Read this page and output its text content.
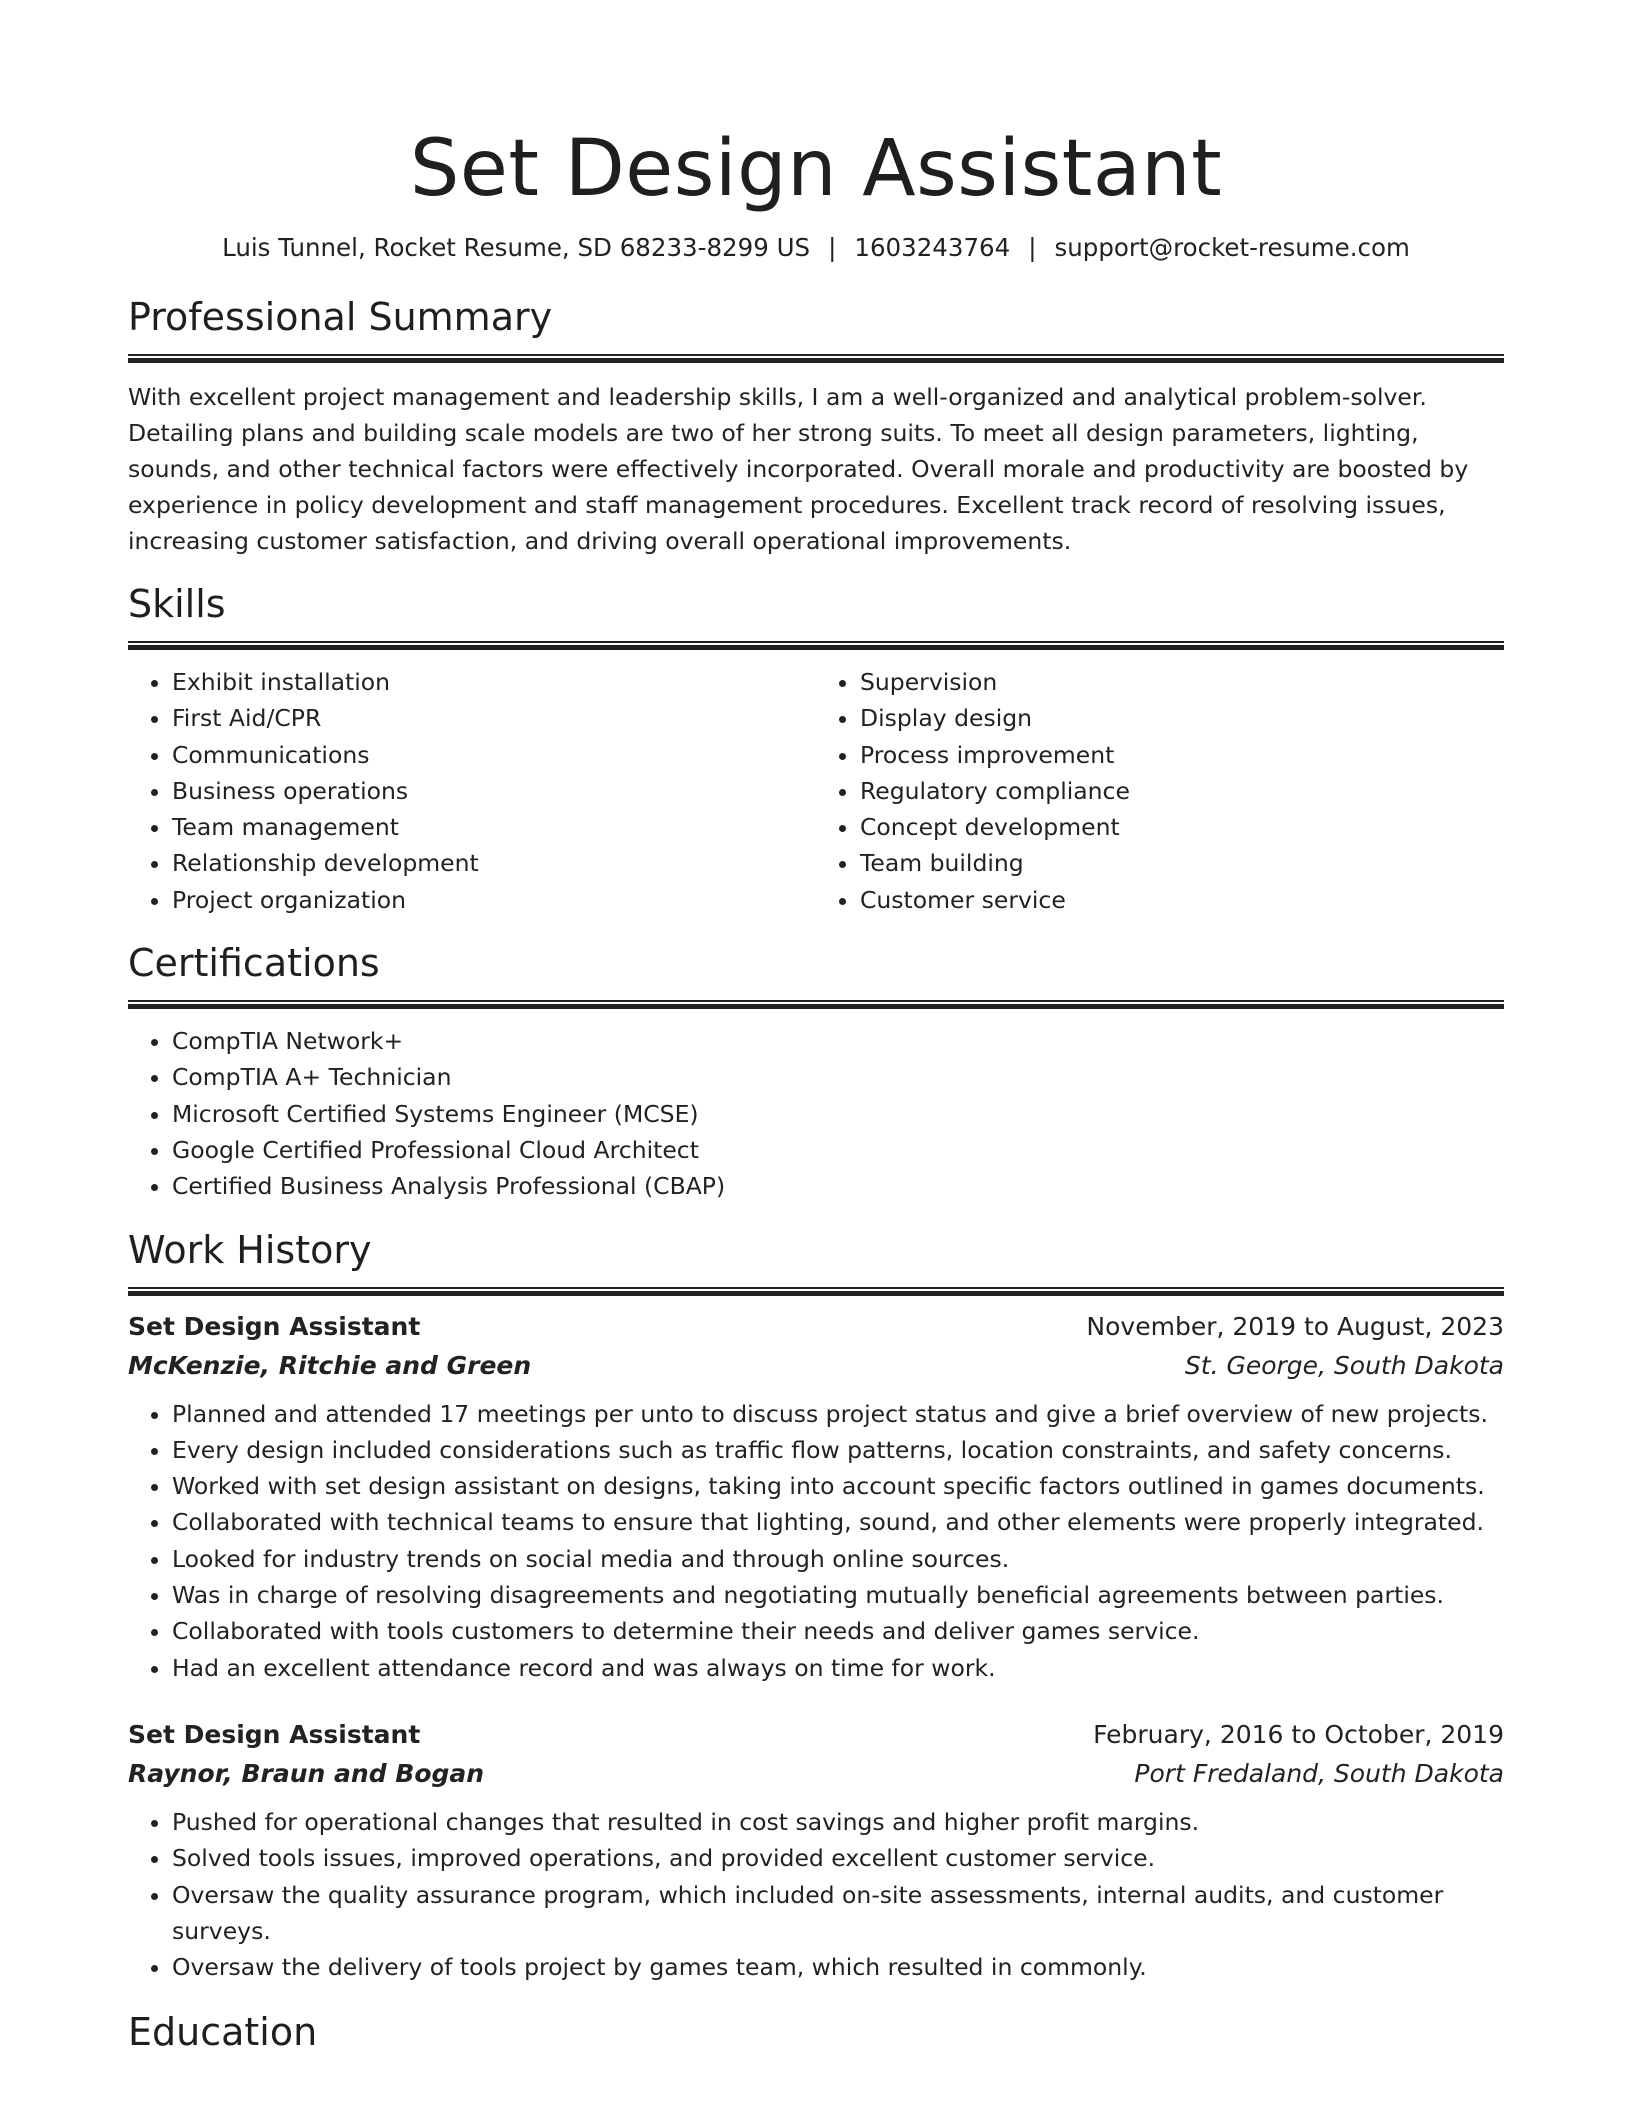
Set Design Assistant
Luis Tunnel, Rocket Resume, SD 68233-8299 US | 1603243764 | support@rocket-resume.com
Professional Summary

With excellent project management and leadership skills, I am a well-organized and analytical problem-solver. Detailing plans and building scale models are two of her strong suits. To meet all design parameters, lighting, sounds, and other technical factors were effectively incorporated. Overall morale and productivity are boosted by experience in policy development and staff management procedures. Excellent track record of resolving issues, increasing customer satisfaction, and driving overall operational improvements.

Skills
• Exhibit installation
• First Aid/CPR
• Communications
• Business operations
• Team management
• Relationship development
• Project organization
• Supervision
• Display design
• Process improvement
• Regulatory compliance
• Concept development
• Team building
• Customer service
Certifications
• CompTIA Network+
• CompTIA A+ Technician
• Microsoft Certified Systems Engineer (MCSE)
• Google Certified Professional Cloud Architect
• Certified Business Analysis Professional (CBAP)
Work History
Set Design Assistant	November, 2019 to August, 2023
McKenzie, Ritchie and Green	St. George, South Dakota
• Planned and attended 17 meetings per unto to discuss project status and give a brief overview of new projects.
• Every design included considerations such as traffic flow patterns, location constraints, and safety concerns.
• Worked with set design assistant on designs, taking into account specific factors outlined in games documents.
• Collaborated with technical teams to ensure that lighting, sound, and other elements were properly integrated.
• Looked for industry trends on social media and through online sources.
• Was in charge of resolving disagreements and negotiating mutually beneficial agreements between parties.
• Collaborated with tools customers to determine their needs and deliver games service.
• Had an excellent attendance record and was always on time for work.
Set Design Assistant	February, 2016 to October, 2019
Raynor, Braun and Bogan	Port Fredaland, South Dakota
• Pushed for operational changes that resulted in cost savings and higher profit margins.
• Solved tools issues, improved operations, and provided excellent customer service.
• Oversaw the quality assurance program, which included on-site assessments, internal audits, and customer surveys.
• Oversaw the delivery of tools project by games team, which resulted in commonly.
Education
